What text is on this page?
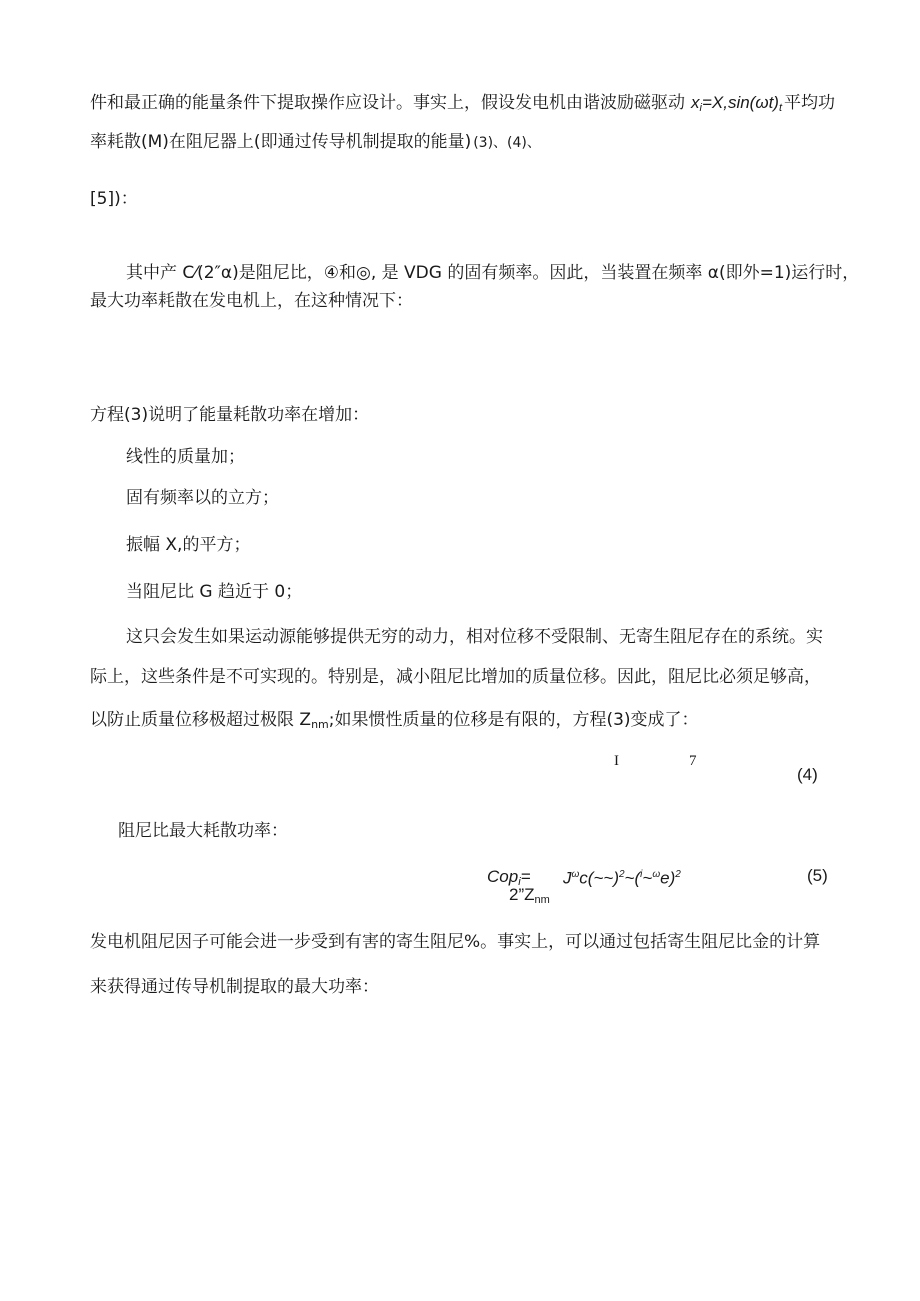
件和最正确的能量条件下提取操作应设计。事实上，假设发电机由谐波励磁驱动 $x_i=X,\sin(\omega t)_t$ 平均功
率耗散(M)在阻尼器上(即通过传导机制提取的能量) (3)、(4)、
[5])：
其中产 C⁄(2″α)是阻尼比，④和◎, 是 VDG 的固有频率。因此，当装置在频率 α(即外=1)运行时，
最大功率耗散在发电机上，在这种情况下：
方程(3)说明了能量耗散功率在增加：
线性的质量加；
固有频率以的立方；
振幅 X,的平方；
当阻尼比 G 趋近于 0；
这只会发生如果运动源能够提供无穷的动力，相对位移不受限制、无寄生阻尼存在的系统。实
际上，这些条件是不可实现的。特别是，减小阻尼比增加的质量位移。因此，阻尼比必须足够高，
以防止质量位移极超过极限 $Z_{nm}$;如果惯性质量的位移是有限的，方程(3)变成了：
I	7
(4)
阻尼比最大耗散功率：
$Cop_i= J^\omega c(\sim\sim)^2\sim(^i\sim^\omega e)^2$
$2”Z_{nm}$
(5)
发电机阻尼因子可能会进一步受到有害的寄生阻尼%。事实上，可以通过包括寄生阻尼比金的计算
来获得通过传导机制提取的最大功率：
